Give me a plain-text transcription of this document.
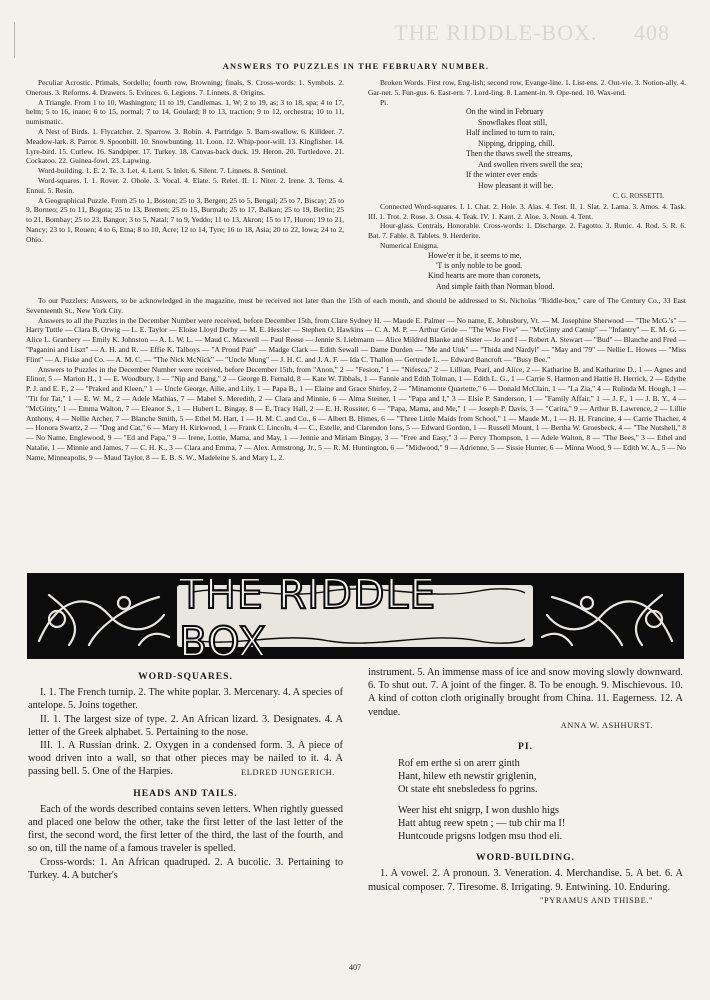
THE RIDDLE-BOX. 408
ANSWERS TO PUZZLES IN THE FEBRUARY NUMBER.

Peculiar Acrostic. Primals, Sordello; fourth row, Browning; finals, S. Cross-words: 1. Symbols. 2. Onerous. 3. Reforms. 4. Drawers. 5. Evinces. 6. Legions. 7. Linnets. 8. Origins.

A Triangle. From 1 to 10, Washington; 11 to 19, Candlemas. 1, W; 2 to 19, as; 3 to 18, spa; 4 to 17, helm; 5 to 16, inane; 6 to 15, normal; 7 to 14, Goulard; 8 to 13, traction; 9 to 12, orchestra; 10 to 11, numismatic.

A Nest of Birds. 1. Flycatcher. 2. Sparrow. 3. Robin. 4. Partridge. 5. Barn-swallow. 6. Killdeer. 7. Meadow-lark. 8. Parrot. 9. Spoonbill. 10. Snowbunting. 11. Loon. 12. Whip-poor-will. 13. Kingfisher. 14. Lyre-bird. 15. Curlew. 16. Sandpiper. 17. Turkey. 18. Canvas-back duck. 19. Heron. 20. Turtledove. 21. Cockatoo. 22. Guinea-fowl. 23. Lapwing.

Word-building. 1. E. 2. Te. 3. Let. 4. Lent. 5. Inlet. 6. Silent. 7. Linnets. 8. Sentinel.

Word-squares. I. 1. Rover. 2. Obole. 3. Vocal. 4. Elate. 5. Relet. II. 1. Niter. 2. Irene. 3. Terns. 4. Ennui. 5. Resin.

A Geographical Puzzle. From 25 to 1, Boston; 25 to 3, Bergen; 25 to 5, Bengal; 25 to 7, Biscay; 25 to 9, Borneo; 25 to 11, Bogota; 25 to 13, Bremen; 25 to 15, Burmah; 25 to 17, Balkan; 25 to 19, Berlin; 25 to 21, Bombay; 25 to 23, Bangor; 3 to 5, Natal; 7 to 9, Yeddo; 11 to 13, Akron; 15 to 17, Huron; 19 to 21, Nancy; 23 to 1, Rouen; 4 to 6, Etna; 8 to 10, Acre; 12 to 14, Tyre; 16 to 18, Asia; 20 to 22, Iowa; 24 to 2, Ohio.

Broken Words. First row, Eng-lish; second row, Evange-line. 1. List-ens. 2. Out-vie. 3. Notion-ally. 4. Gar-net. 5. Fun-gus. 6. East-ern. 7. Lord-ling. 8. Lament-in. 9. Ope-ned. 10. Wax-end.

Pi.

On the wind in February
Snowflakes float still,
Half inclined to turn to rain,
Nipping, dripping, chill.
Then the thaws swell the streams,
And swollen rivers swell the sea;
If the winter ever ends
How pleasant it will be.
C. G. ROSSETTI.

Connected Word-squares. I. 1. Chat. 2. Hole. 3. Alas. 4. Test. II. 1. Slat. 2. Lama. 3. Amos. 4. Task. III. 1. Trot. 2. Rose. 3. Ossa. 4. Teak. IV. 1. Kant. 2. Aloe. 3. Noun. 4. Tent.

Hour-glass. Centrals, Honorable. Cross-words: 1. Discharge. 2. Fagotto. 3. Runic. 4. Rod. 5. R. 6. Bat. 7. Fable. 8. Tablets. 9. Herderite.

Numerical Enigma.

Howe'er it be, it seems to me,
'T is only noble to be good.
Kind hearts are more than coronets,
And simple faith than Norman blood.

To our Puzzlers: Answers, to be acknowledged in the magazine, must be received not later than the 15th of each month, and should be addressed to St. Nicholas "Riddle-box," care of The Century Co., 33 East Seventeenth St., New York City.

Answers to all the Puzzles in the December Number were received, before December 15th, from Clare Sydney H. — Maude E. Palmer — No name, E. Johnsbury, Vt. — M. Josephine Sherwood — "The McG.'s" — Harry Tuttle — Clara B. Orwig — L. E. Taylor — Eloise Lloyd Derby — M. E. Hessler — Stephen O. Hawkins — C. A. M. P. — Arthur Gride — "The Wise Five" — "McGinty and Catnip" — "Infantry" — E. M. G. — Alice L. Granbery — Emily K. Johnston — A. L. W. L. — Maud C. Maxwell — Paul Reese — Jennie S. Liebmann — Alice Mildred Blanke and Sister — Jo and I — Robert A. Stewart — "Bud" — Blanche and Fred — "Paganini and Liszt" — A. H. and R. — Effie K. Talboys — "A Proud Pair" — Madge Clark — Edith Sewall — Dame Durden — "Me and Unk" — "Thida and Nardyl" — "May and '79" — Nellie L. Howes — "Miss Flint" — A. Fiske and Co. — A. M. C. — "The Nick McNick" — "Uncle Mung" — J. H. C. and J. A. F. — Ida C. Thallon — Gertrude L. — Edward Bancroft — "Busy Bee."

Answers to Puzzles in the December Number were received, before December 15th, from "Anon," 2 — "Fesion," 1 — "Nifesca," 2 — Lillian, Pearl, and Alice, 2 — Katharine B. and Katharine D., 1 — Agnes and Elinor, 5 — Marion H., 1 — E. Woodbury, 1 — "Nip and Bang," 2 — George B. Fernald, 8 — Kate W. Tibbals, 1 — Fannie and Edith Tolman, 1 — Edith L. G., 1 — Carrie S. Harmon and Hattie H. Herrick, 2 — Edythe P. J. and E. F., 2 — "Praked and Kleen," 1 — Uncle George, Ailie, and Lily, 1 — Papa B., 1 — Elaine and Grace Shirley, 2 — "Minamonte Quartette," 6 — Donald McClain, 1 — "La Zia," 4 — Rulinda M. Hough, 1 — "Tit for Tat," 1 — E. W. M., 2 — Adele Mathias, 7 — Mabel S. Meredith, 2 — Clara and Minnie, 6 — Alma Steiner, 1 — "Papa and I," 3 — Elsie P. Sanderson, 1 — "Family Affair," 1 — J. F., 1 — J. B. Y., 4 — "McGinty," 1 — Emma Walton, 7 — Eleanor S., 1 — Hubert L. Bingay, 8 — E. Tracy Hall, 2 — E. H. Rossiter, 6 — "Papa, Mama, and Me," 1 — Joseph P. Davis, 3 — "Carita," 9 — Arthur B. Lawrence, 2 — Lillie Anthony, 4 — Nellie Archer, 7 — Blanche Smith, 5 — Ethel M. Hart, 1 — H. M. C. and Co., 6 — Albert B. Himes, 6 — "Three Little Maids from School," 1 — Maude M., 1 — H. H. Francine, 4 — Carrie Thacher, 4 — Honora Swartz, 2 — "Dog and Cat," 6 — Mary H. Kirkwood, 1 — Frank C. Lincoln, 4 — C., Estelle, and Clarendon Ions, 5 — Edward Gordon, 1 — Russell Mount, 1 — Bertha W. Groesbeck, 4 — "The Nutshell," 8 — No Name, Englewood, 9 — "Ed and Papa," 9 — Irene, Lottie, Mama, and May, 1 — Jennie and Miriam Bingay, 3 — "Free and Easy," 3 — Percy Thompson, 1 — Adele Walton, 8 — "The Bees," 3 — Ethel and Natalie, 1 — Minnie and James, 7 — C. H. K., 3 — Clara and Emma, 7 — Alex. Armstrong, Jr., 5 — R. M. Huntington, 6 — "Midwood," 9 — Adrienne, 5 — Sissie Hunter, 6 — Minna Wood, 9 — Edith W. A., 5 — No Name, Minneapolis, 9 — Maud Taylor, 8 — E. B. S. W., Madeleine S. and Mary L, 2.

THE RIDDLE BOX
WORD-SQUARES.

I. 1. The French turnip. 2. The white poplar. 3. Mercenary. 4. A species of antelope. 5. Joins together.

II. 1. The largest size of type. 2. An African lizard. 3. Designates. 4. A letter of the Greek alphabet. 5. Pertaining to the nose.

III. 1. A Russian drink. 2. Oxygen in a condensed form. 3. A piece of wood driven into a wall, so that other pieces may be nailed to it. 4. A passing bell. 5. One of the Harpies.	ELDRED JUNGERICH.

HEADS AND TAILS.

Each of the words described contains seven letters. When rightly guessed and placed one below the other, take the first letter of the last letter of the first, the second word, the first letter of the third, the last of the fourth, and so on, till the name of a famous traveler is spelled.

Cross-words: 1. An African quadruped. 2. A bucolic. 3. Pertaining to Turkey. 4. A butcher's

instrument. 5. An immense mass of ice and snow moving slowly downward. 6. To shut out. 7. A joint of the finger. 8. To be enough. 9. Mischievous. 10. A kind of cotton cloth originally brought from China. 11. Eagerness. 12. A vendue.

ANNA W. ASHHURST.
PI.
Rof em erthe si on arerr ginth
Hant, hilew eth newstir griglenin,
Ot state eht snebsledess fo pgrins.
Weer hist eht snigrp, I won dushlo higs
Hatt ahtug reew spetn ; — tub chir ma I!
Huntcoude prigsns lodgen msu thod eli.
WORD-BUILDING.

1. A vowel. 2. A pronoun. 3. Veneration. 4. Merchandise. 5. A bet. 6. A musical composer. 7. Tiresome. 8. Irrigating. 9. Entwining. 10. Enduring.

"PYRAMUS AND THISBE."
407
